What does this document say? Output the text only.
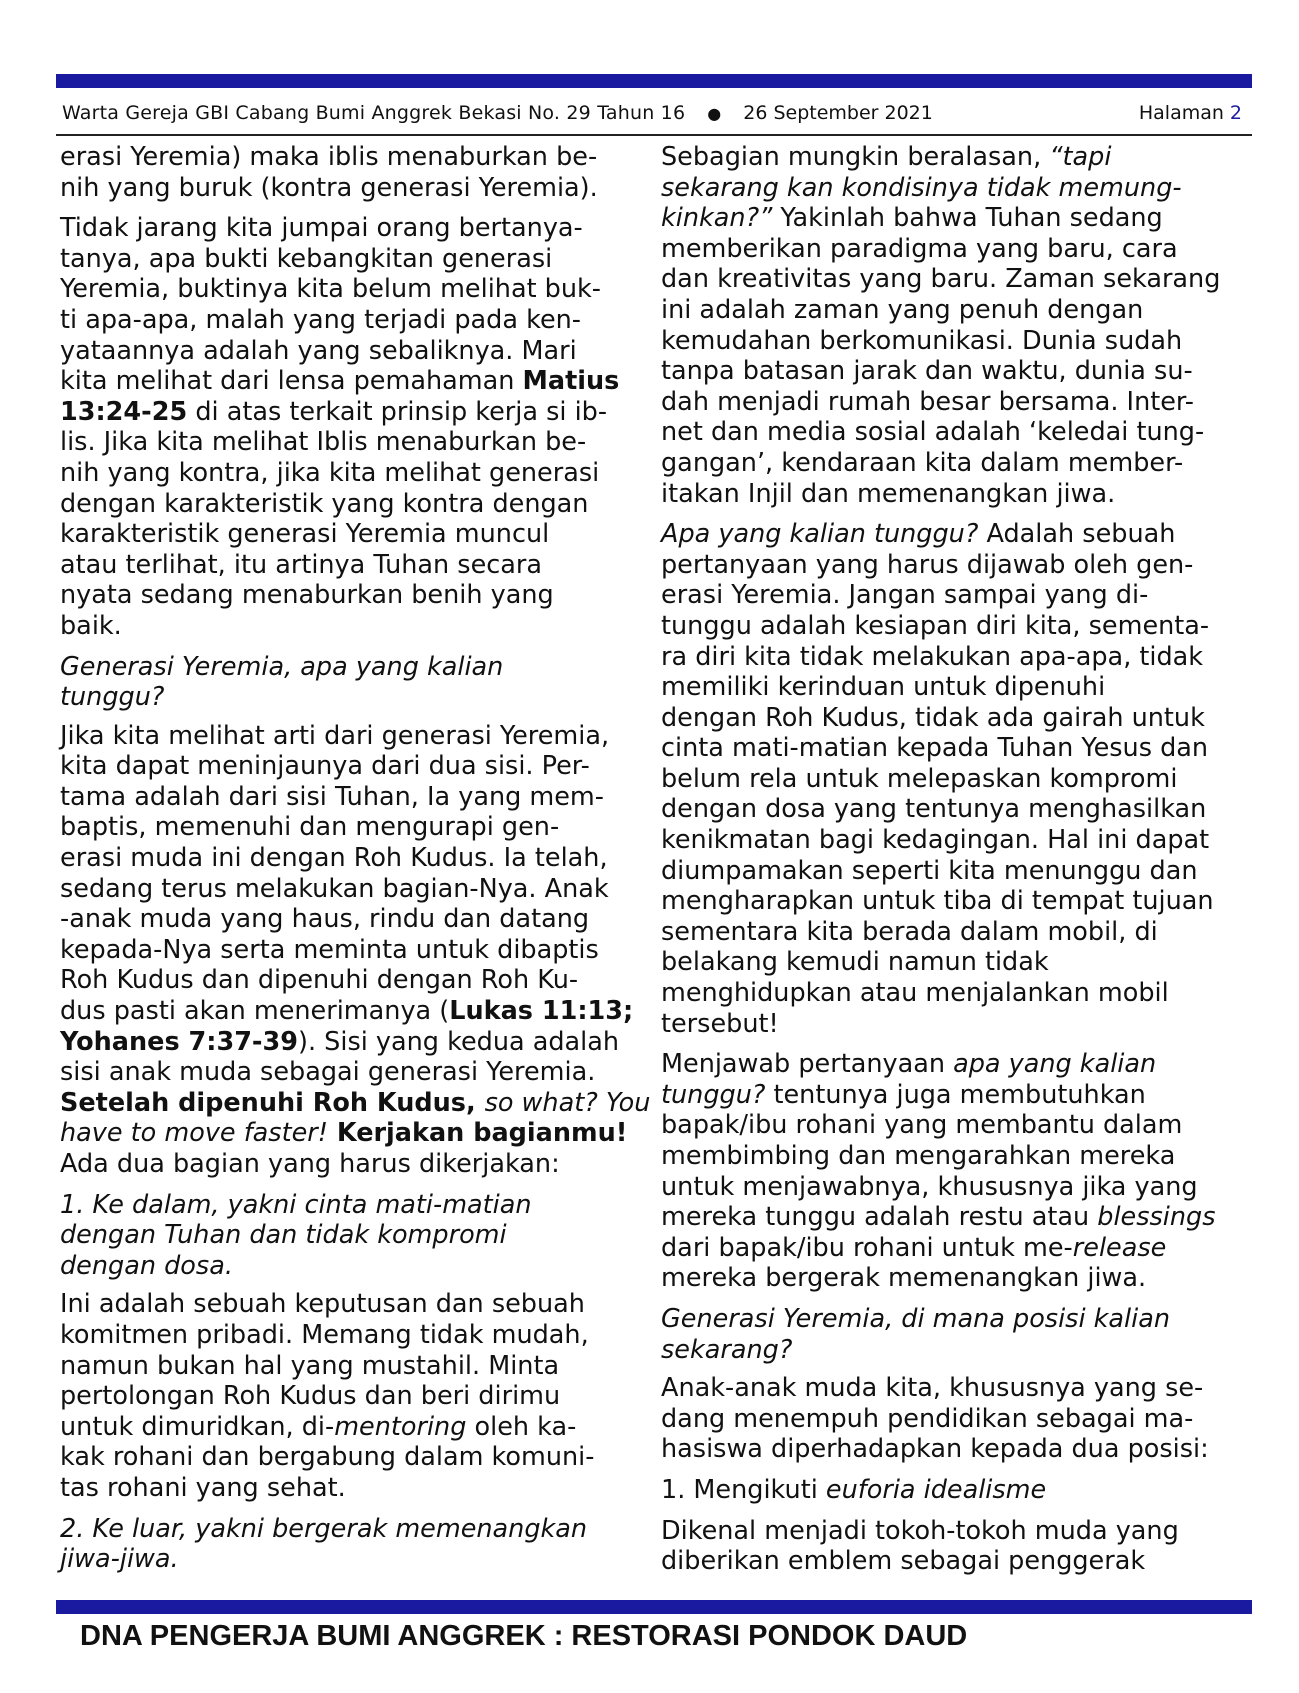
Warta Gereja GBI Cabang Bumi Anggrek Bekasi No. 29 Tahun 16 ● 26 September 2021	Halaman 2
erasi Yeremia) maka iblis menaburkan be-
nih yang buruk (kontra generasi Yeremia).
Tidak jarang kita jumpai orang bertanya-
tanya, apa bukti kebangkitan generasi
Yeremia, buktinya kita belum melihat buk-
ti apa-apa, malah yang terjadi pada ken-
yataannya adalah yang sebaliknya. Mari
kita melihat dari lensa pemahaman Matius
13:24-25 di atas terkait prinsip kerja si ib-
lis. Jika kita melihat Iblis menaburkan be-
nih yang kontra, jika kita melihat generasi
dengan karakteristik yang kontra dengan
karakteristik generasi Yeremia muncul
atau terlihat, itu artinya Tuhan secara
nyata sedang menaburkan benih yang
baik.
Generasi Yeremia, apa yang kalian
tunggu?
Jika kita melihat arti dari generasi Yeremia,
kita dapat meninjaunya dari dua sisi. Per-
tama adalah dari sisi Tuhan, Ia yang mem-
baptis, memenuhi dan mengurapi gen-
erasi muda ini dengan Roh Kudus. Ia telah,
sedang terus melakukan bagian-Nya. Anak
-anak muda yang haus, rindu dan datang
kepada-Nya serta meminta untuk dibaptis
Roh Kudus dan dipenuhi dengan Roh Ku-
dus pasti akan menerimanya (Lukas 11:13;
Yohanes 7:37-39). Sisi yang kedua adalah
sisi anak muda sebagai generasi Yeremia.
Setelah dipenuhi Roh Kudus, so what? You
have to move faster! Kerjakan bagianmu!
Ada dua bagian yang harus dikerjakan:
1. Ke dalam, yakni cinta mati-matian
dengan Tuhan dan tidak kompromi
dengan dosa.
Ini adalah sebuah keputusan dan sebuah
komitmen pribadi. Memang tidak mudah,
namun bukan hal yang mustahil. Minta
pertolongan Roh Kudus dan beri dirimu
untuk dimuridkan, di-mentoring oleh ka-
kak rohani dan bergabung dalam komuni-
tas rohani yang sehat.
2. Ke luar, yakni bergerak memenangkan
jiwa-jiwa.
Sebagian mungkin beralasan, “tapi
sekarang kan kondisinya tidak memung-
kinkan?” Yakinlah bahwa Tuhan sedang
memberikan paradigma yang baru, cara
dan kreativitas yang baru. Zaman sekarang
ini adalah zaman yang penuh dengan
kemudahan berkomunikasi. Dunia sudah
tanpa batasan jarak dan waktu, dunia su-
dah menjadi rumah besar bersama. Inter-
net dan media sosial adalah ‘keledai tung-
gangan’, kendaraan kita dalam member-
itakan Injil dan memenangkan jiwa.
Apa yang kalian tunggu? Adalah sebuah
pertanyaan yang harus dijawab oleh gen-
erasi Yeremia. Jangan sampai yang di-
tunggu adalah kesiapan diri kita, sementa-
ra diri kita tidak melakukan apa-apa, tidak
memiliki kerinduan untuk dipenuhi
dengan Roh Kudus, tidak ada gairah untuk
cinta mati-matian kepada Tuhan Yesus dan
belum rela untuk melepaskan kompromi
dengan dosa yang tentunya menghasilkan
kenikmatan bagi kedagingan. Hal ini dapat
diumpamakan seperti kita menunggu dan
mengharapkan untuk tiba di tempat tujuan
sementara kita berada dalam mobil, di
belakang kemudi namun tidak
menghidupkan atau menjalankan mobil
tersebut!
Menjawab pertanyaan apa yang kalian
tunggu? tentunya juga membutuhkan
bapak/ibu rohani yang membantu dalam
membimbing dan mengarahkan mereka
untuk menjawabnya, khususnya jika yang
mereka tunggu adalah restu atau blessings
dari bapak/ibu rohani untuk me-release
mereka bergerak memenangkan jiwa.
Generasi Yeremia, di mana posisi kalian
sekarang?
Anak-anak muda kita, khususnya yang se-
dang menempuh pendidikan sebagai ma-
hasiswa diperhadapkan kepada dua posisi:
1. Mengikuti euforia idealisme
Dikenal menjadi tokoh-tokoh muda yang
diberikan emblem sebagai penggerak
DNA PENGERJA BUMI ANGGREK : RESTORASI PONDOK DAUD
